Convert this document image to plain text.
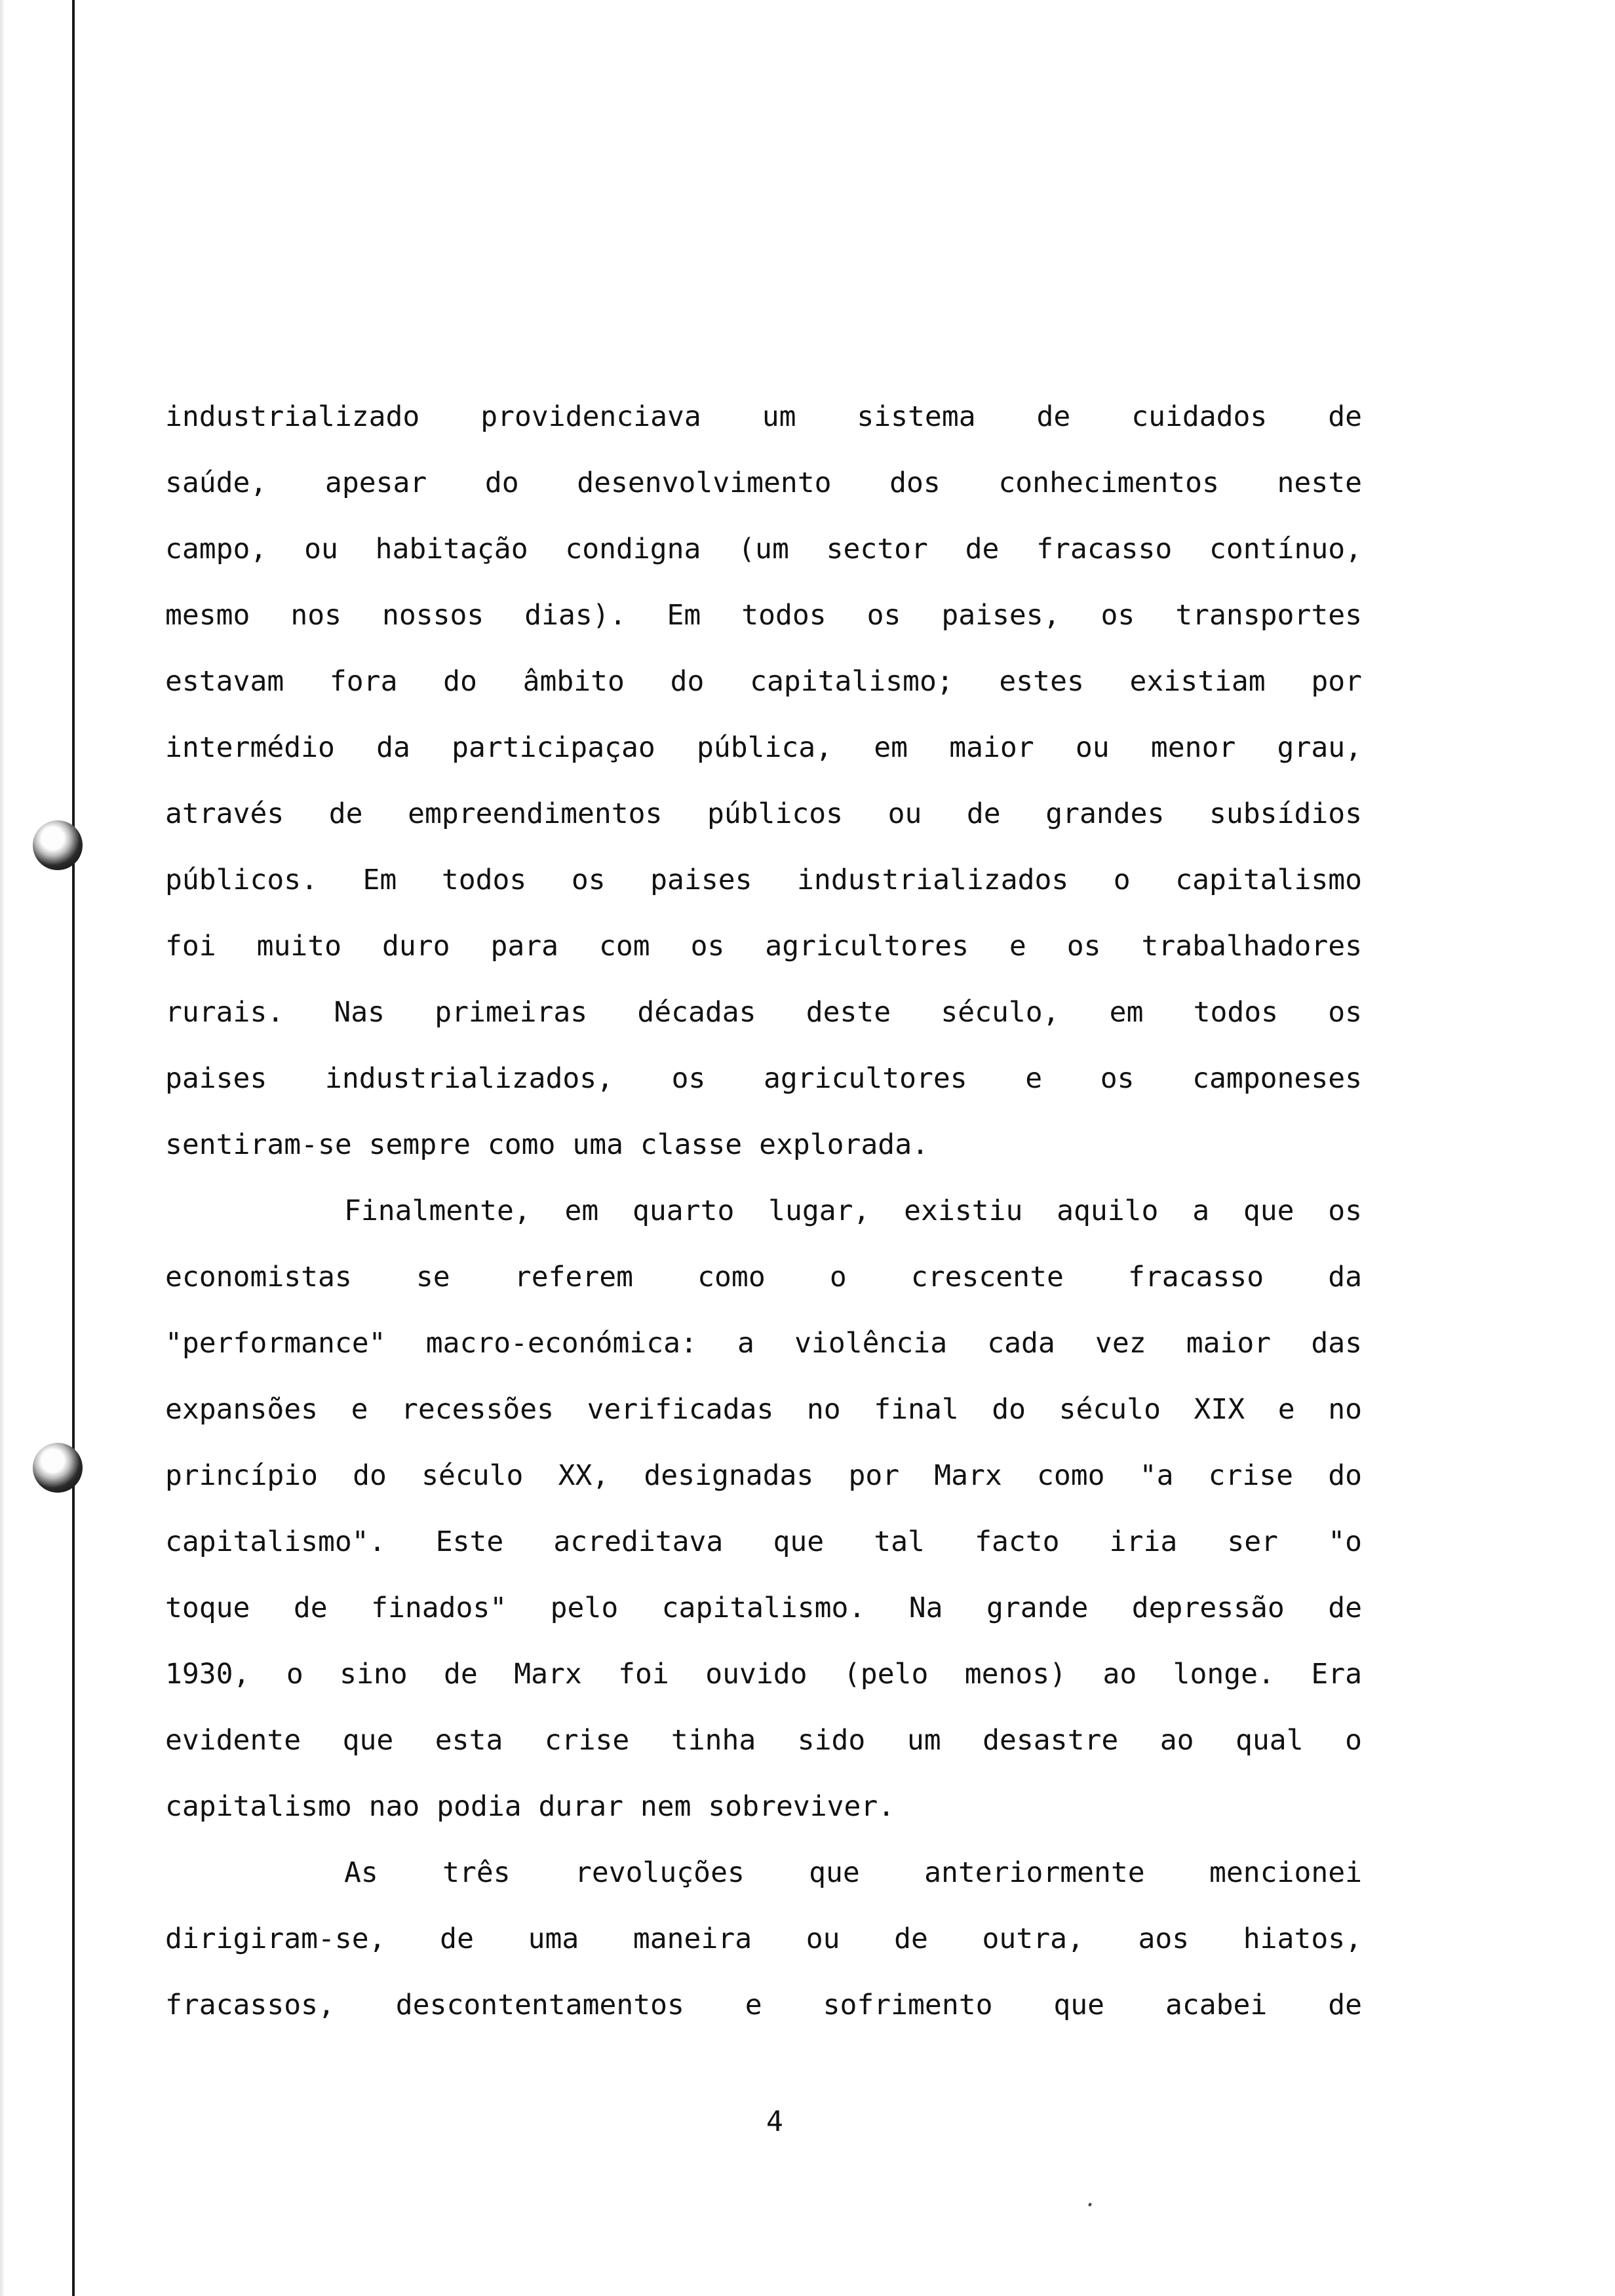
industrializado providenciava um sistema de cuidados de
saúde, apesar do desenvolvimento dos conhecimentos neste
campo, ou habitação condigna (um sector de fracasso contínuo,
mesmo nos nossos dias). Em todos os paises, os transportes
estavam fora do âmbito do capitalismo; estes existiam por
intermédio da participaçao pública, em maior ou menor grau,
através de empreendimentos públicos ou de grandes subsídios
públicos. Em todos os paises industrializados o capitalismo
foi muito duro para com os agricultores e os trabalhadores
rurais. Nas primeiras décadas deste século, em todos os
paises industrializados, os agricultores e os camponeses
sentiram-se sempre como uma classe explorada.
Finalmente, em quarto lugar, existiu aquilo a que os
economistas se referem como o crescente fracasso da
"performance" macro-económica: a violência cada vez maior das
expansões e recessões verificadas no final do século XIX e no
princípio do século XX, designadas por Marx como "a crise do
capitalismo". Este acreditava que tal facto iria ser "o
toque de finados" pelo capitalismo. Na grande depressão de
1930, o sino de Marx foi ouvido (pelo menos) ao longe. Era
evidente que esta crise tinha sido um desastre ao qual o
capitalismo nao podia durar nem sobreviver.
As três revoluções que anteriormente mencionei
dirigiram-se, de uma maneira ou de outra, aos hiatos,
fracassos, descontentamentos e sofrimento que acabei de
4
